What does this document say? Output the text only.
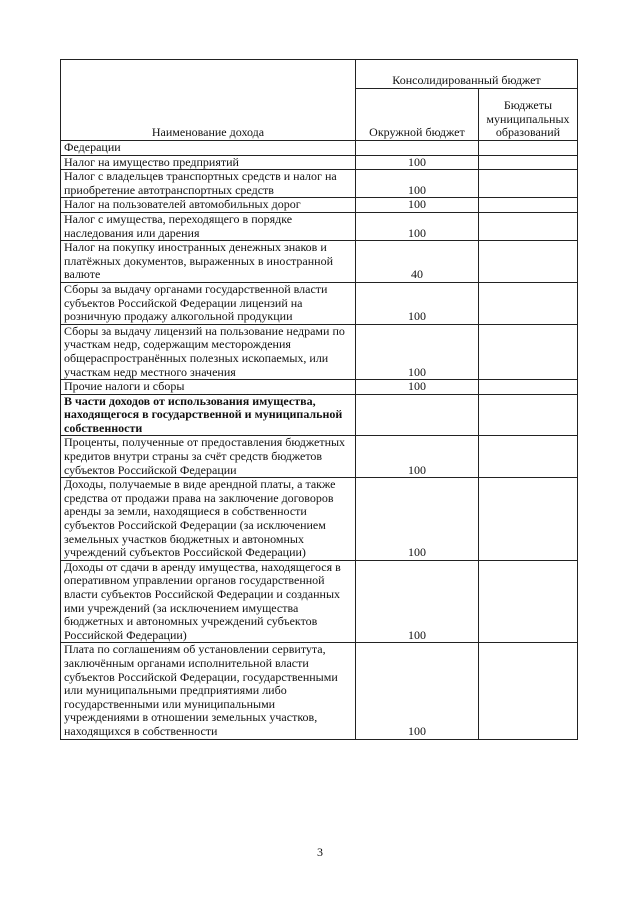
Наименование дохода	Консолидированный бюджет	
	Окружной бюджет	Бюджеты муниципальных образований
Федерации		
Налог на имущество предприятий	100	
Налог с владельцев транспортных средств и налог на приобретение автотранспортных средств	100	
Налог на пользователей автомобильных дорог	100	
Налог с имущества, переходящего в порядке наследования или дарения	100	
Налог на покупку иностранных денежных знаков и платёжных документов, выраженных в иностранной валюте	40	
Сборы за выдачу органами государственной власти субъектов Российской Федерации лицензий на розничную продажу алкогольной продукции	100	
Сборы за выдачу лицензий на пользование недрами по участкам недр, содержащим месторождения общераспространённых полезных ископаемых, или участкам недр местного значения	100	
Прочие налоги и сборы	100	
В части доходов от использования имущества, находящегося в государственной и муниципальной собственности		
Проценты, полученные от предоставления бюджетных кредитов внутри страны за счёт средств бюджетов субъектов Российской Федерации	100	
Доходы, получаемые в виде арендной платы, а также средства от продажи права на заключение договоров аренды за земли, находящиеся в собственности субъектов Российской Федерации (за исключением земельных участков бюджетных и автономных учреждений субъектов Российской Федерации)	100	
Доходы от сдачи в аренду имущества, находящегося в оперативном управлении органов государственной власти субъектов Российской Федерации и созданных ими учреждений (за исключением имущества бюджетных и автономных учреждений субъектов Российской Федерации)	100	
Плата по соглашениям об установлении сервитута, заключённым органами исполнительной власти субъектов Российской Федерации, государственными или муниципальными предприятиями либо государственными или муниципальными учреждениями в отношении земельных участков, находящихся в собственности	100	
3
